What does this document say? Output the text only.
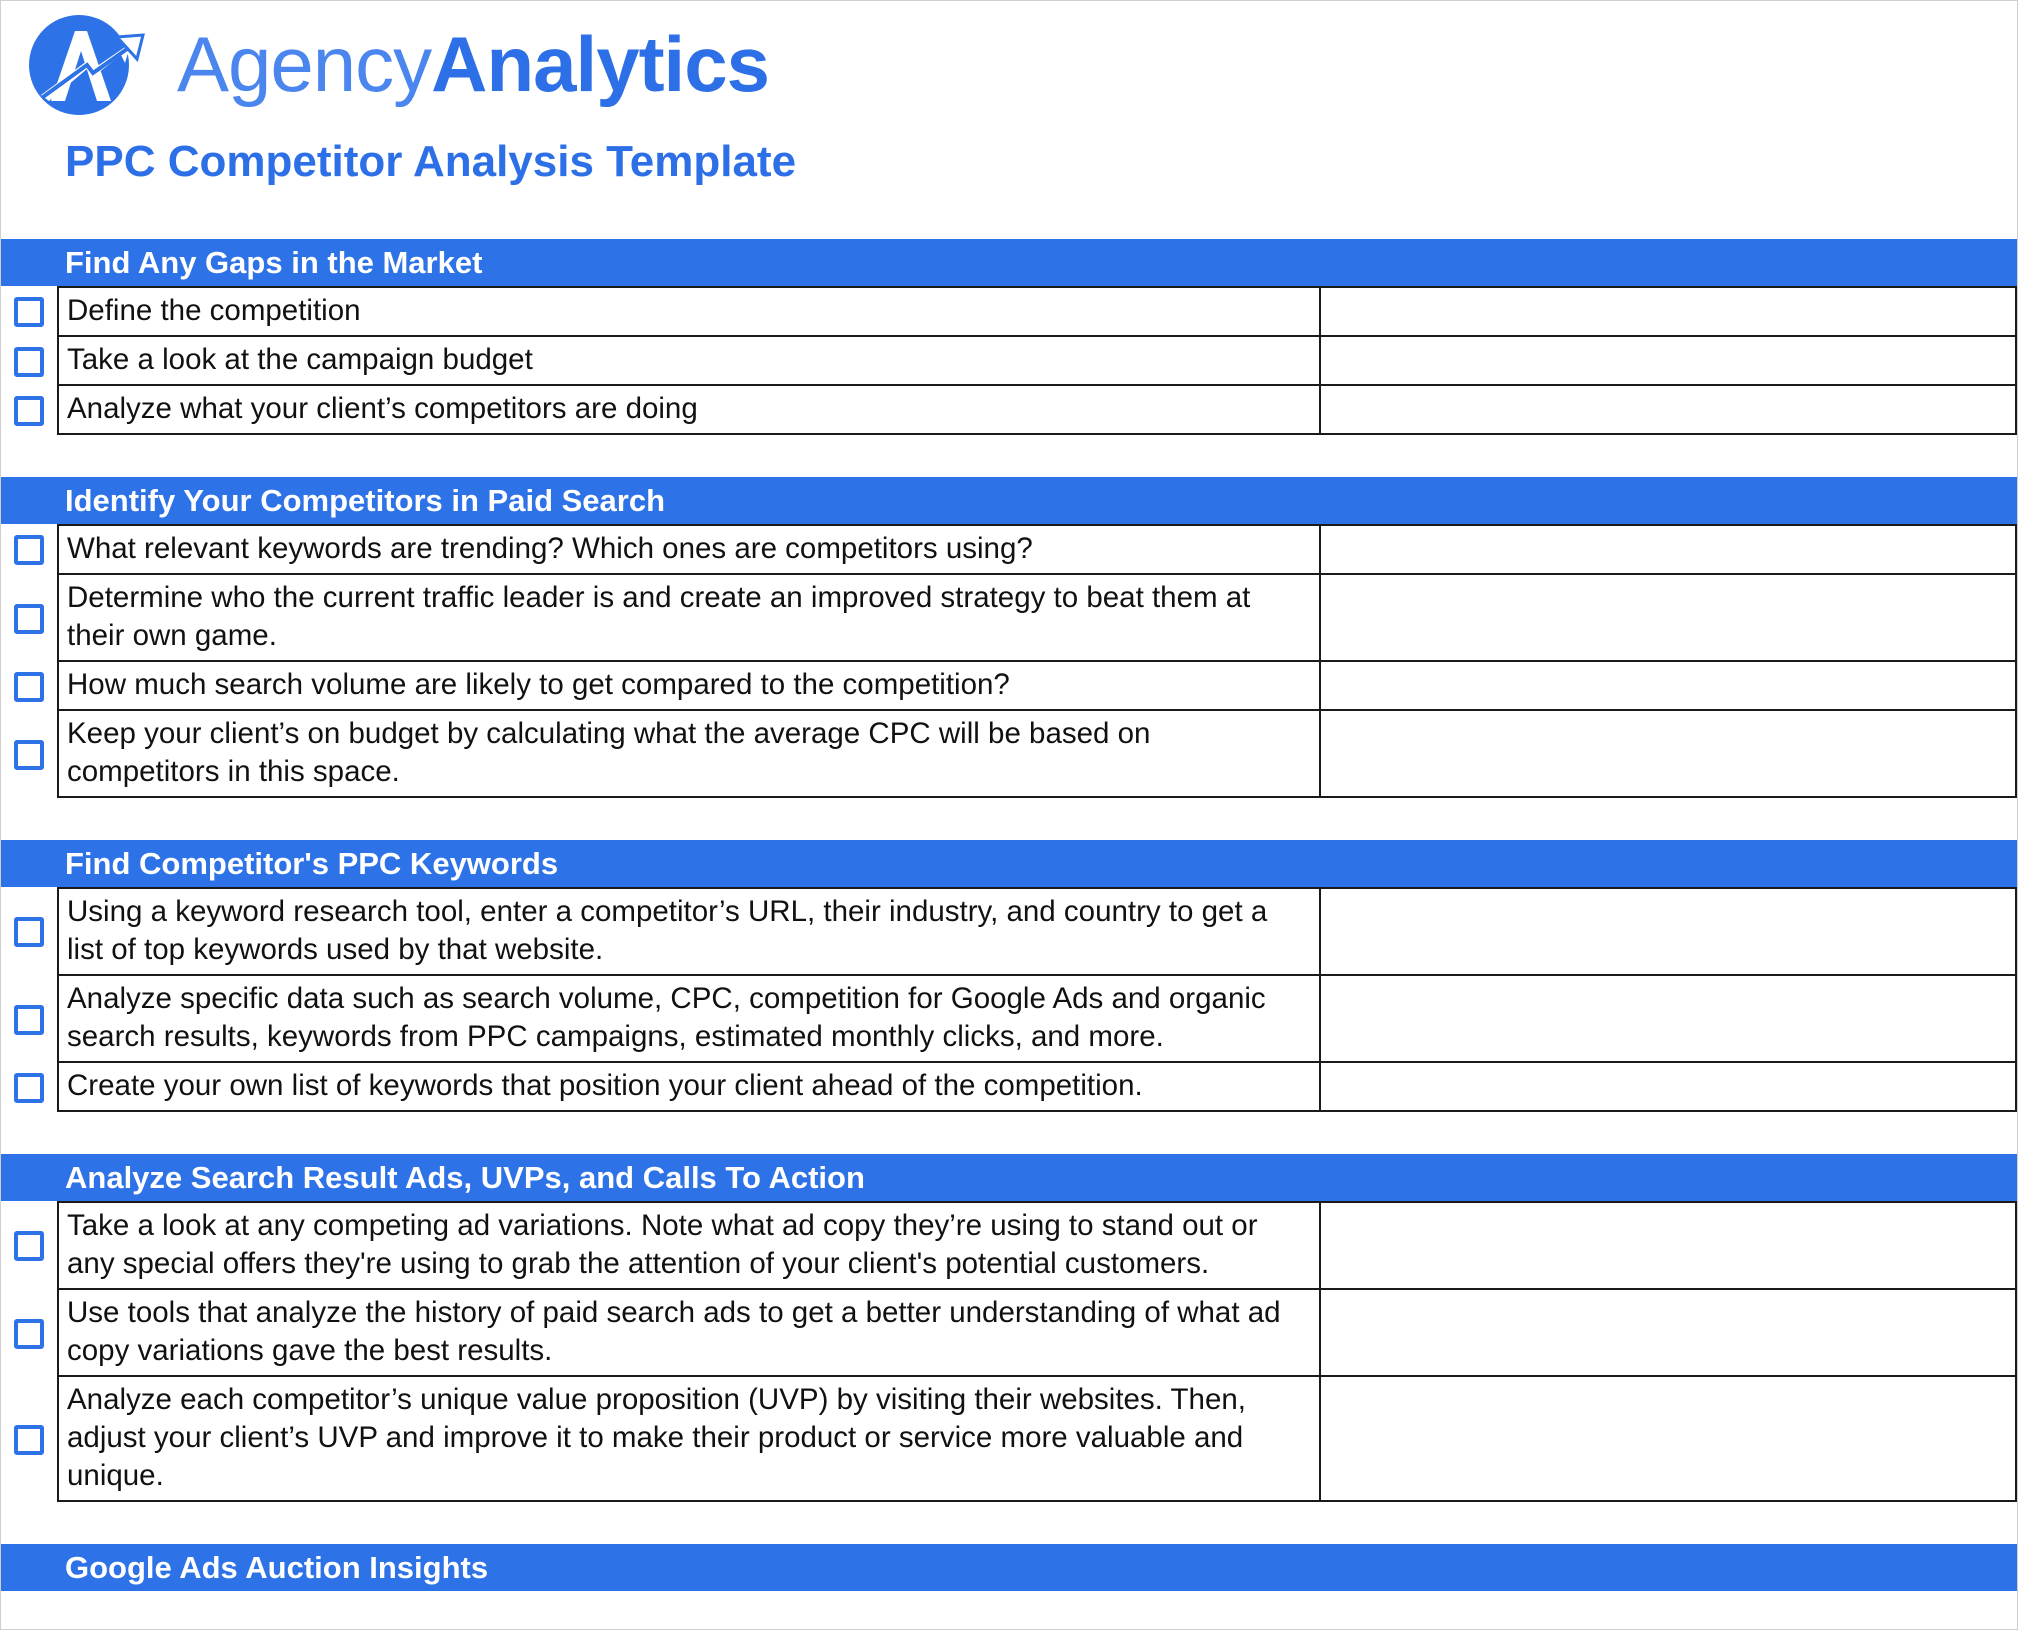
AgencyAnalytics
PPC Competitor Analysis Template
Find Any Gaps in the Market
Define the competition
Take a look at the campaign budget
Analyze what your client’s competitors are doing
Identify Your Competitors in Paid Search
What relevant keywords are trending? Which ones are competitors using?
Determine who the current traffic leader is and create an improved strategy to beat them at their own game.
How much search volume are likely to get compared to the competition?
Keep your client’s on budget by calculating what the average CPC will be based on competitors in this space.
Find Competitor's PPC Keywords
Using a keyword research tool, enter a competitor’s URL, their industry, and country to get a list of top keywords used by that website.
Analyze specific data such as search volume, CPC, competition for Google Ads and organic search results, keywords from PPC campaigns, estimated monthly clicks, and more.
Create your own list of keywords that position your client ahead of the competition.
Analyze Search Result Ads, UVPs, and Calls To Action
Take a look at any competing ad variations. Note what ad copy they’re using to stand out or any special offers they're using to grab the attention of your client's potential customers.
Use tools that analyze the history of paid search ads to get a better understanding of what ad copy variations gave the best results.
Analyze each competitor’s unique value proposition (UVP) by visiting their websites. Then, adjust your client’s UVP and improve it to make their product or service more valuable and unique.
Google Ads Auction Insights
